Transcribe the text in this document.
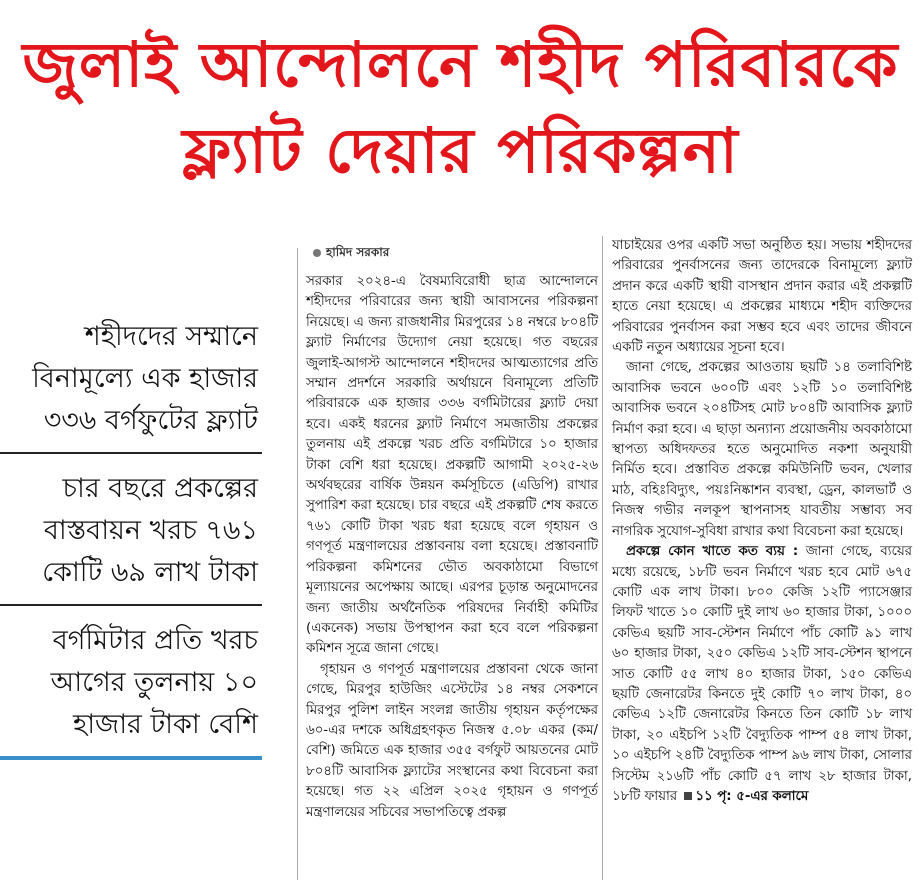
জুলাই আন্দোলনে শহীদ পরিবারকে
ফ্ল্যাট দেয়ার পরিকল্পনা
শহীদদের সম্মানে বিনামূল্যে এক হাজার ৩৩৬ বর্গফুটের ফ্ল্যাট
চার বছরে প্রকল্পের বাস্তবায়ন খরচ ৭৬১ কোটি ৬৯ লাখ টাকা
বর্গমিটার প্রতি খরচ আগের তুলনায় ১০ হাজার টাকা বেশি
হামিদ সরকার

সরকার ২০২৪-এ বৈষম্যবিরোধী ছাত্র আন্দোলনে শহীদদের পরিবারের জন্য স্থায়ী আবাসনের পরিকল্পনা নিয়েছে। এ জন্য রাজধানীর মিরপুরের ১৪ নম্বরে ৮০৪টি ফ্ল্যাট নির্মাণের উদ্যোগ নেয়া হয়েছে। গত বছরের জুলাই-আগস্ট আন্দোলনে শহীদদের আত্মত্যাগের প্রতি সম্মান প্রদর্শনে সরকারি অর্থায়নে বিনামূল্যে প্রতিটি পরিবারকে এক হাজার ৩৩৬ বর্গমিটারের ফ্ল্যাট দেয়া হবে। একই ধরনের ফ্ল্যাট নির্মাণে সমজাতীয় প্রকল্পের তুলনায় এই প্রকল্পে খরচ প্রতি বর্গমিটারে ১০ হাজার টাকা বেশি ধরা হয়েছে। প্রকল্পটি আগামী ২০২৫-২৬ অর্থবছরের বার্ষিক উন্নয়ন কর্মসূচিতে (এডিপি) রাখার সুপারিশ করা হয়েছে। চার বছরে এই প্রকল্পটি শেষ করতে ৭৬১ কোটি টাকা খরচ ধরা হয়েছে বলে গৃহায়ন ও গণপূর্ত মন্ত্রণালয়ের প্রস্তাবনায় বলা হয়েছে। প্রস্তাবনাটি পরিকল্পনা কমিশনের ভৌত অবকাঠামো বিভাগে মূল্যায়নের অপেক্ষায় আছে। এরপর চূড়ান্ত অনুমোদনের জন্য জাতীয় অর্থনৈতিক পরিষদের নির্বাহী কমিটির (একনেক) সভায় উপস্থাপন করা হবে বলে পরিকল্পনা কমিশন সূত্রে জানা গেছে।

গৃহায়ন ও গণপূর্ত মন্ত্রণালয়ের প্রস্তাবনা থেকে জানা গেছে, মিরপুর হাউজিং এস্টেটের ১৪ নম্বর সেকশনে মিরপুর পুলিশ লাইন সংলগ্ন জাতীয় গৃহায়ন কর্তৃপক্ষের ৬০-এর দশকে অধিগ্রহণকৃত নিজস্ব ৫.০৮ একর (কম/বেশি) জমিতে এক হাজার ৩৫৫ বর্গফুট আয়তনের মোট ৮০৪টি আবাসিক ফ্ল্যাটের সংস্থানের কথা বিবেচনা করা হয়েছে। গত ২২ এপ্রিল ২০২৫ গৃহায়ন ও গণপূর্ত মন্ত্রণালয়ের সচিবের সভাপতিত্বে প্রকল্প

যাচাইয়ের ওপর একটি সভা অনুষ্ঠিত হয়। সভায় শহীদদের পরিবারের পুনর্বাসনের জন্য তাদেরকে বিনামূল্যে ফ্ল্যাট প্রদান করে একটি স্থায়ী বাসস্থান প্রদান করার এই প্রকল্পটি হাতে নেয়া হয়েছে। এ প্রকল্পের মাধ্যমে শহীদ ব্যক্তিদের পরিবারের পুনর্বাসন করা সম্ভব হবে এবং তাদের জীবনে একটি নতুন অধ্যায়ের সূচনা হবে।

জানা গেছে, প্রকল্পের আওতায় ছয়টি ১৪ তলাবিশিষ্ট আবাসিক ভবনে ৬০০টি এবং ১২টি ১০ তলাবিশিষ্ট আবাসিক ভবনে ২০৪টিসহ মোট ৮০৪টি আবাসিক ফ্ল্যাট নির্মাণ করা হবে। এ ছাড়া অন্যান্য প্রয়োজনীয় অবকাঠামো স্থাপত্য অধিদফতর হতে অনুমোদিত নকশা অনুযায়ী নির্মিত হবে। প্রস্তাবিত প্রকল্পে কমিউনিটি ভবন, খেলার মাঠ, বহিঃবিদ্যুৎ, পয়ঃনিষ্কাশন ব্যবস্থা, ড্রেন, কালভার্ট ও নিজস্ব গভীর নলকূপ স্থাপনাসহ যাবতীয় সম্ভাব্য সব নাগরিক সুযোগ-সুবিধা রাখার কথা বিবেচনা করা হয়েছে।

প্রকল্পে কোন খাতে কত ব্যয় : জানা গেছে, ব্যয়ের মধ্যে রয়েছে, ১৮টি ভবন নির্মাণে খরচ হবে মোট ৬৭৫ কোটি এক লাখ টাকা। ৮০০ কেজি ১২টি প্যাসেঞ্জার লিফট খাতে ১০ কোটি দুই লাখ ৬০ হাজার টাকা, ১০০০ কেভিএ ছয়টি সাব-স্টেশন নির্মাণে পাঁচ কোটি ৯১ লাখ ৬০ হাজার টাকা, ২৫০ কেভিএ ১২টি সাব-স্টেশন স্থাপনে সাত কোটি ৫৫ লাখ ৪০ হাজার টাকা, ১৫০ কেভিএ ছয়টি জেনারেটর কিনতে দুই কোটি ৭০ লাখ টাকা, ৪০ কেভিএ ১২টি জেনারেটর কিনতে তিন কোটি ১৮ লাখ টাকা, ২০ এইচপি ১২টি বৈদ্যুতিক পাম্প ৫৪ লাখ টাকা, ১০ এইচপি ২৪টি বৈদ্যুতিক পাম্প ৯৬ লাখ টাকা, সোলার সিস্টেম ২১৬টি পাঁচ কোটি ৫৭ লাখ ২৮ হাজার টাকা, ১৮টি ফায়ার ১১ পৃ: ৫-এর কলামে
